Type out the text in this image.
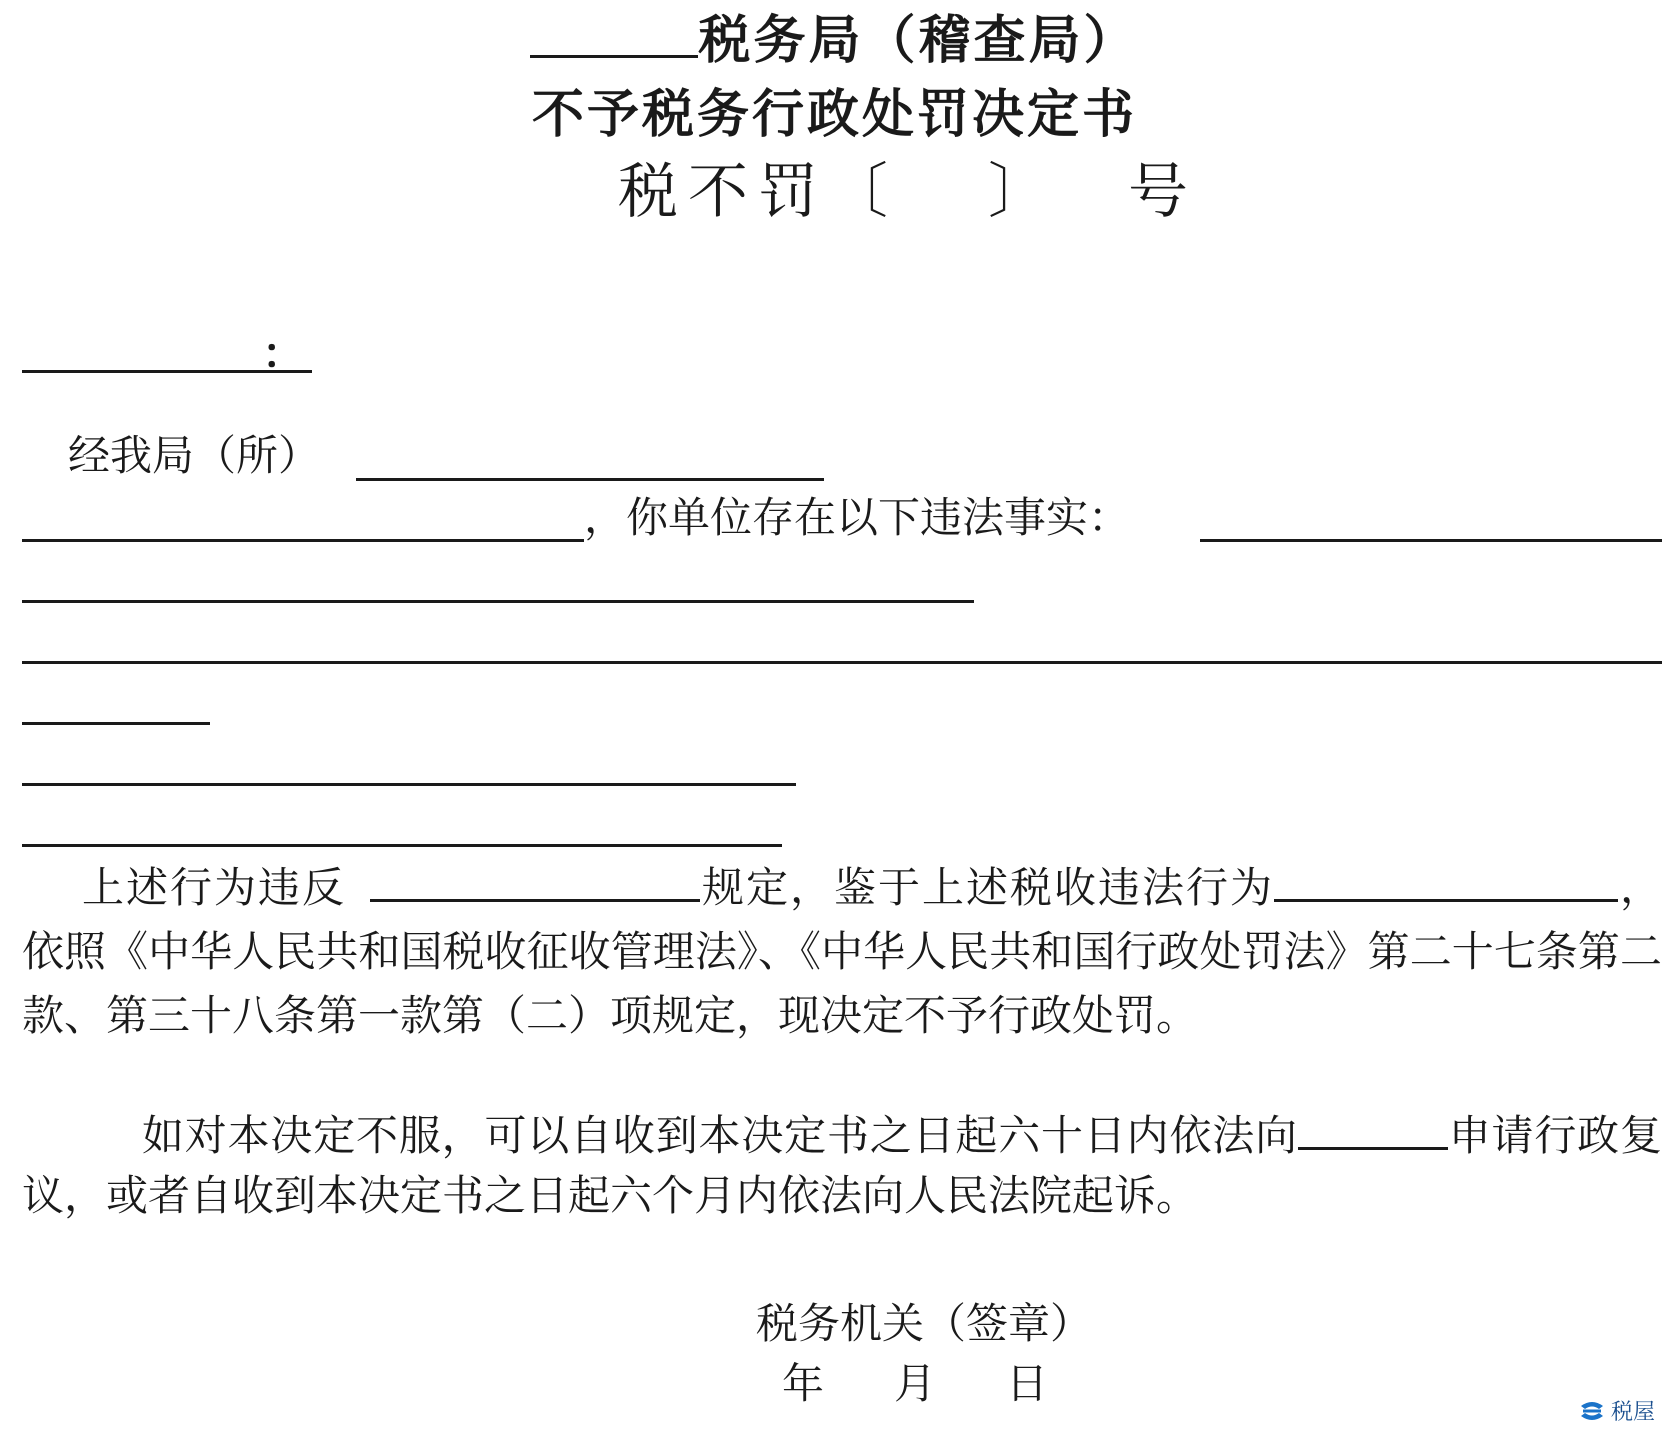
税务局（稽查局）
不予税务行政处罚决定书
税不罚〔 〕 号
：
经我局（所）
，你单位存在以下违法事实：
上述行为违反	规定，鉴于上述税收违法行为	，依照《中华人民共和国税收征收管理法》、《中华人民共和国行政处罚法》第二十七条第二款、第三十八条第一款第（二）项规定，现决定不予行政处罚。
如对本决定不服，可以自收到本决定书之日起六十日内依法向	申请行政复议，或者自收到本决定书之日起六个月内依法向人民法院起诉。
税务机关（签章）
年　月　日
税屋
